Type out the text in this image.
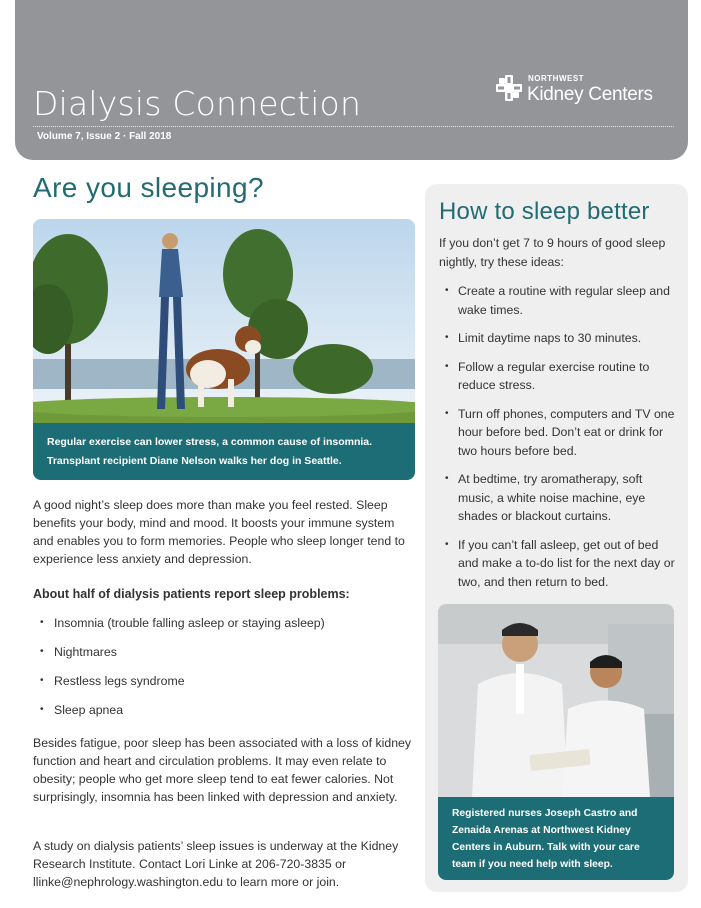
Dialysis Connection
Volume 7, Issue 2 · Fall 2018
NORTHWEST
Kidney Centers
Are you sleeping?
Regular exercise can lower stress, a common cause of insomnia. Transplant recipient Diane Nelson walks her dog in Seattle.
A good night’s sleep does more than make you feel rested. Sleep benefits your body, mind and mood. It boosts your immune system and enables you to form memories. People who sleep longer tend to experience less anxiety and depression.
About half of dialysis patients report sleep problems:
• Insomnia (trouble falling asleep or staying asleep)
• Nightmares
• Restless legs syndrome
• Sleep apnea
Besides fatigue, poor sleep has been associated with a loss of kidney function and heart and circulation problems. It may even relate to obesity; people who get more sleep tend to eat fewer calories. Not surprisingly, insomnia has been linked with depression and anxiety.
A study on dialysis patients’ sleep issues is underway at the Kidney Research Institute. Contact Lori Linke at 206-720-3835 or llinke@nephrology.washington.edu to learn more or join.
How to sleep better
If you don’t get 7 to 9 hours of good sleep nightly, try these ideas:
• Create a routine with regular sleep and wake times.
• Limit daytime naps to 30 minutes.
• Follow a regular exercise routine to reduce stress.
• Turn off phones, computers and TV one hour before bed. Don’t eat or drink for two hours before bed.
• At bedtime, try aromatherapy, soft music, a white noise machine, eye shades or blackout curtains.
• If you can’t fall asleep, get out of bed and make a to-do list for the next day or two, and then return to bed.
Registered nurses Joseph Castro and Zenaida Arenas at Northwest Kidney Centers in Auburn. Talk with your care team if you need help with sleep.
